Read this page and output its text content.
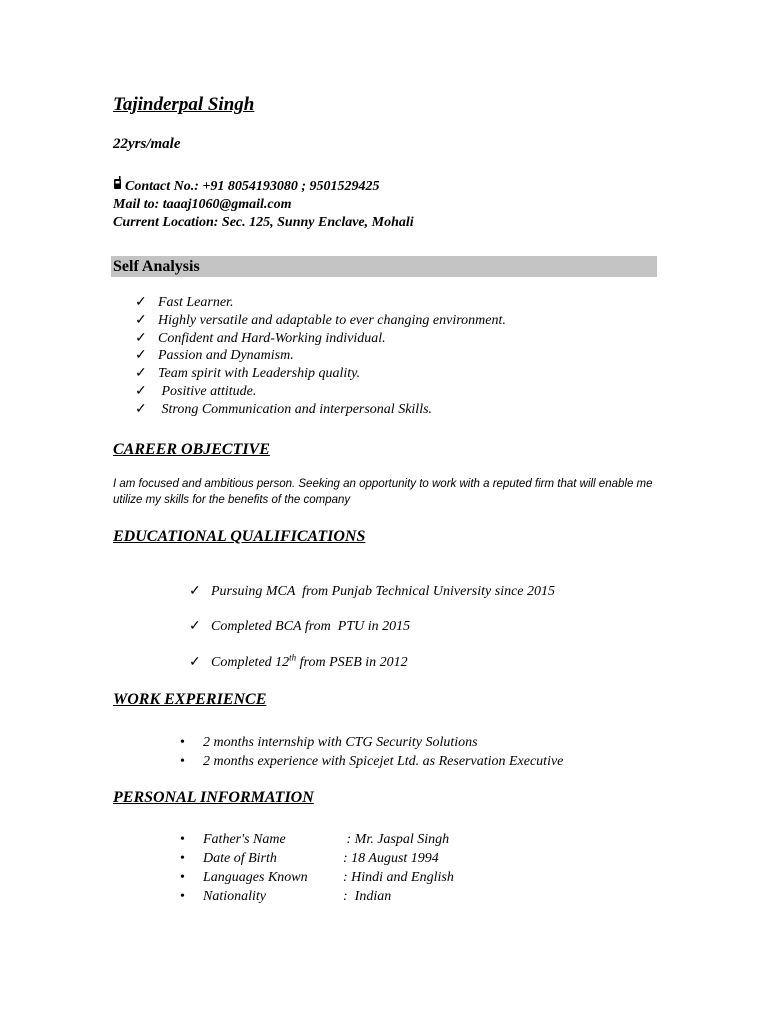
Tajinderpal Singh
22yrs/male
Contact No.: +91 8054193080 ; 9501529425
Mail to: taaaj1060@gmail.com
Current Location: Sec. 125, Sunny Enclave, Mohali
Self Analysis
✓ Fast Learner.
✓ Highly versatile and adaptable to ever changing environment.
✓ Confident and Hard-Working individual.
✓ Passion and Dynamism.
✓ Team spirit with Leadership quality.
✓ Positive attitude.
✓ Strong Communication and interpersonal Skills.
CAREER OBJECTIVE
I am focused and ambitious person. Seeking an opportunity to work with a reputed firm that will enable me utilize my skills for the benefits of the company
EDUCATIONAL QUALIFICATIONS
✓ Pursuing MCA  from Punjab Technical University since 2015
✓ Completed BCA from  PTU in 2015
✓ Completed 12th from PSEB in 2012
WORK EXPERIENCE
• 2 months internship with CTG Security Solutions
• 2 months experience with Spicejet Ltd. as Reservation Executive
PERSONAL INFORMATION
• Father's Name	: Mr. Jaspal Singh
• Date of Birth	: 18 August 1994
• Languages Known	: Hindi and English
• Nationality	:  Indian
